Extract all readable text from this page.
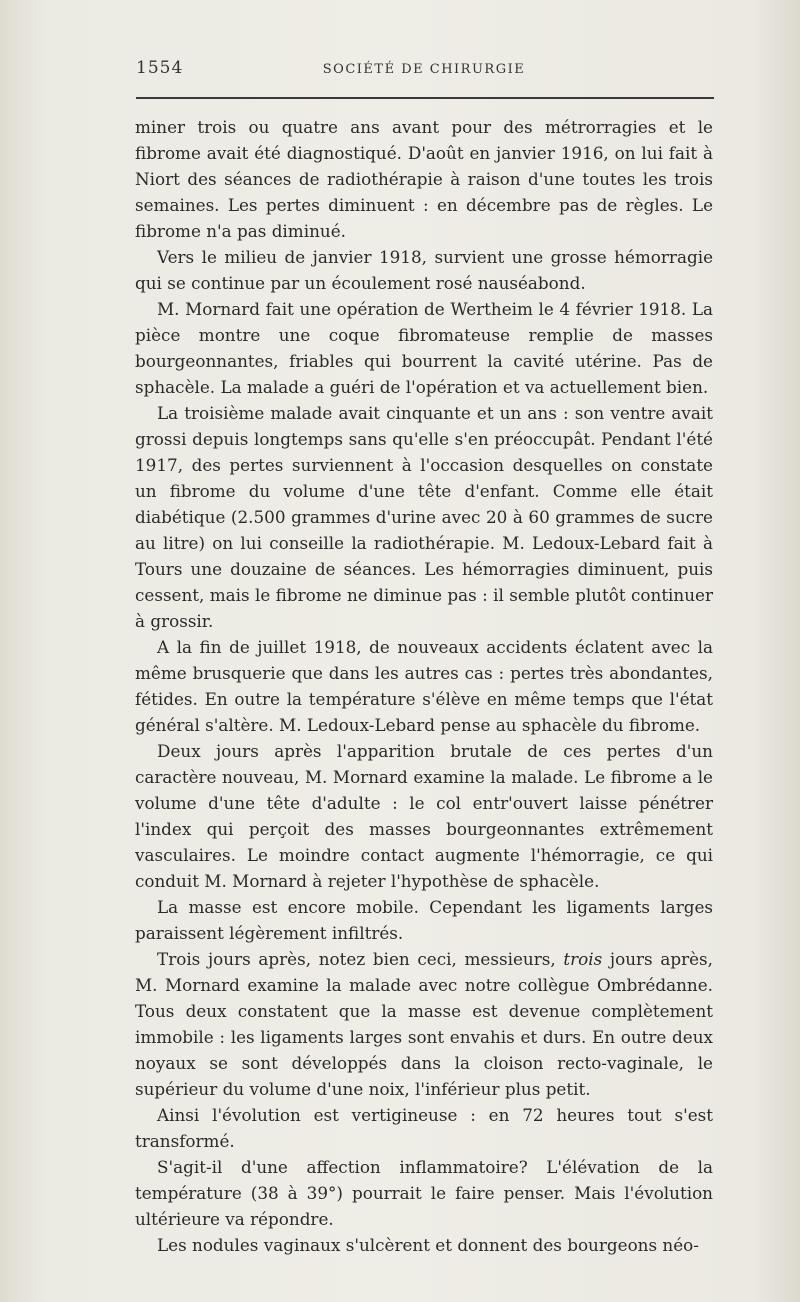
1554	SOCIÉTÉ DE CHIRURGIE

miner trois ou quatre ans avant pour des métrorragies et le fibrome avait été diagnostiqué. D'août en janvier 1916, on lui fait à Niort des séances de radiothérapie à raison d'une toutes les trois semaines. Les pertes diminuent : en décembre pas de règles. Le fibrome n'a pas diminué.

Vers le milieu de janvier 1918, survient une grosse hémorragie qui se continue par un écoulement rosé nauséabond.

M. Mornard fait une opération de Wertheim le 4 février 1918. La pièce montre une coque fibromateuse remplie de masses bourgeonnantes, friables qui bourrent la cavité utérine. Pas de sphacèle. La malade a guéri de l'opération et va actuellement bien.

La troisième malade avait cinquante et un ans : son ventre avait grossi depuis longtemps sans qu'elle s'en préoccupât. Pendant l'été 1917, des pertes surviennent à l'occasion desquelles on constate un fibrome du volume d'une tête d'enfant. Comme elle était diabétique (2.500 grammes d'urine avec 20 à 60 grammes de sucre au litre) on lui conseille la radiothérapie. M. Ledoux-Lebard fait à Tours une douzaine de séances. Les hémorragies diminuent, puis cessent, mais le fibrome ne diminue pas : il semble plutôt continuer à grossir.

A la fin de juillet 1918, de nouveaux accidents éclatent avec la même brusquerie que dans les autres cas : pertes très abondantes, fétides. En outre la température s'élève en même temps que l'état général s'altère. M. Ledoux-Lebard pense au sphacèle du fibrome.

Deux jours après l'apparition brutale de ces pertes d'un caractère nouveau, M. Mornard examine la malade. Le fibrome a le volume d'une tête d'adulte : le col entr'ouvert laisse pénétrer l'index qui perçoit des masses bourgeonnantes extrêmement vasculaires. Le moindre contact augmente l'hémorragie, ce qui conduit M. Mornard à rejeter l'hypothèse de sphacèle.

La masse est encore mobile. Cependant les ligaments larges paraissent légèrement infiltrés.

Trois jours après, notez bien ceci, messieurs, trois jours après, M. Mornard examine la malade avec notre collègue Ombrédanne. Tous deux constatent que la masse est devenue complètement immobile : les ligaments larges sont envahis et durs. En outre deux noyaux se sont développés dans la cloison recto-vaginale, le supérieur du volume d'une noix, l'inférieur plus petit.

Ainsi l'évolution est vertigineuse : en 72 heures tout s'est transformé.

S'agit-il d'une affection inflammatoire? L'élévation de la température (38 à 39°) pourrait le faire penser. Mais l'évolution ultérieure va répondre.

Les nodules vaginaux s'ulcèrent et donnent des bourgeons néo-
